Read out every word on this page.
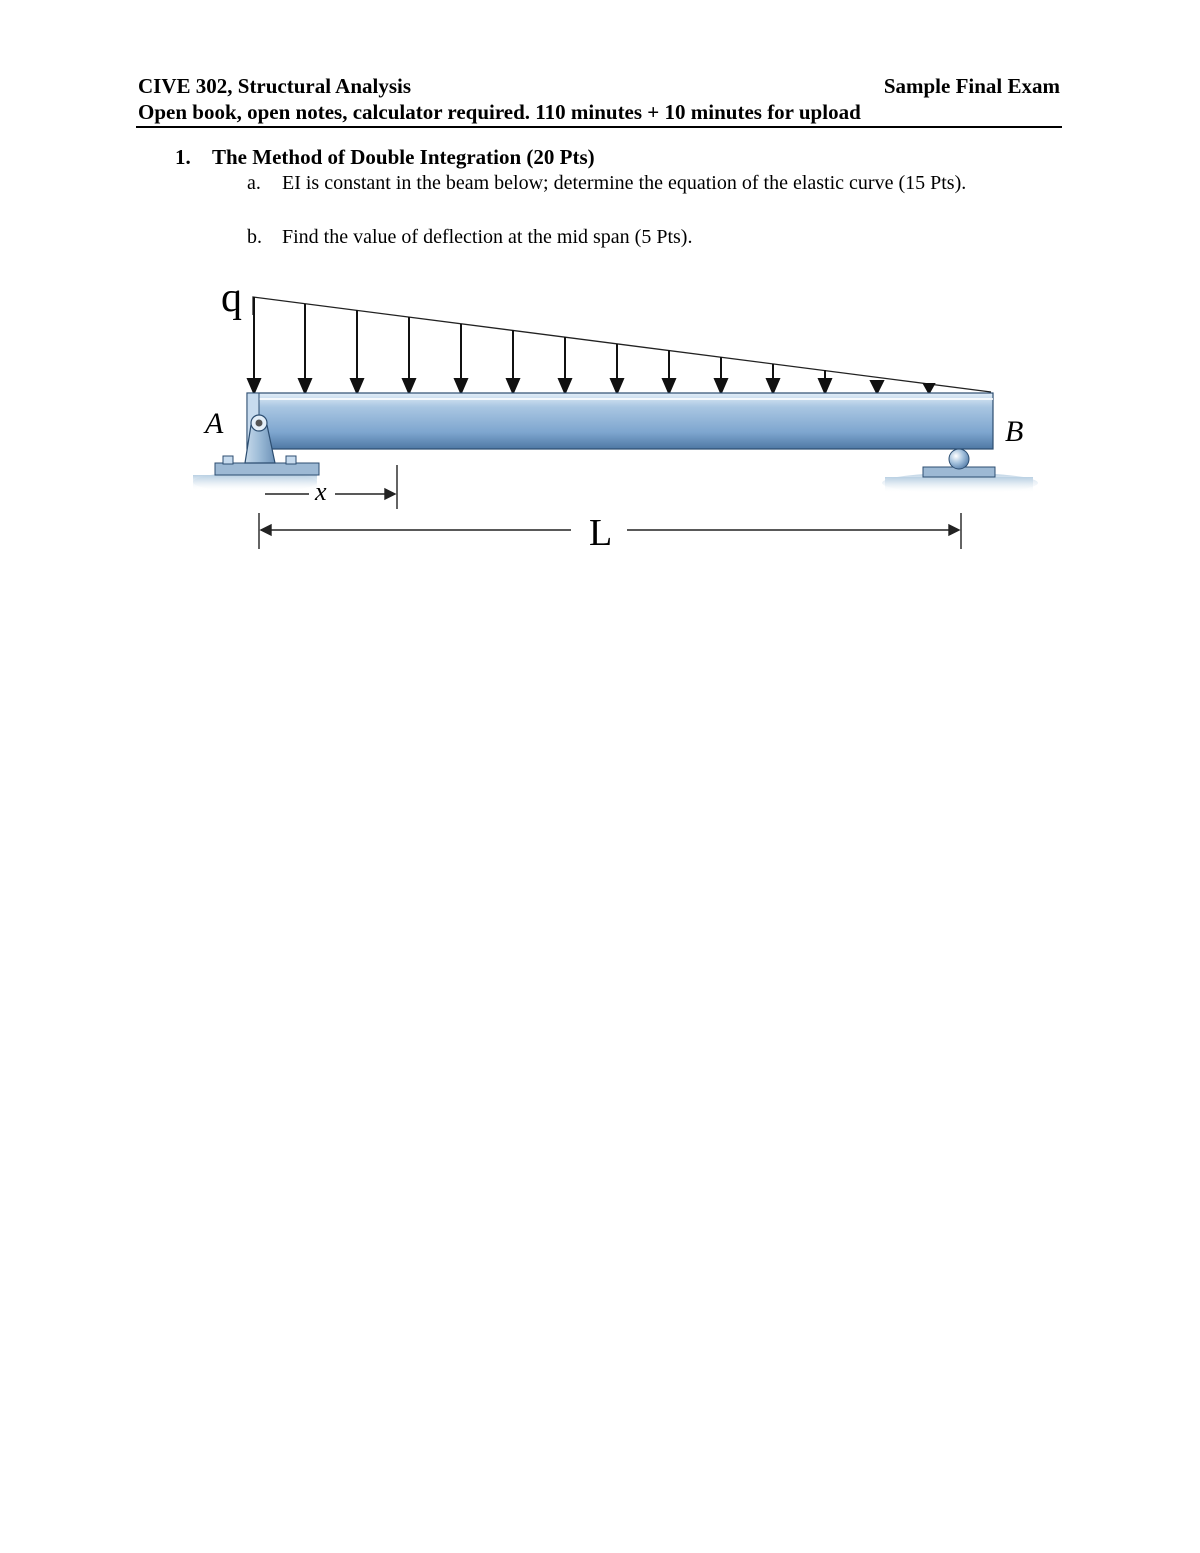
CIVE 302, Structural Analysis	Sample Final Exam
Open book, open notes, calculator required. 110 minutes + 10 minutes for upload
1. The Method of Double Integration (20 Pts)
a. EI is constant in the beam below; determine the equation of the elastic curve (15 Pts).
b. Find the value of deflection at the mid span (5 Pts).
q
A	B
x
L
